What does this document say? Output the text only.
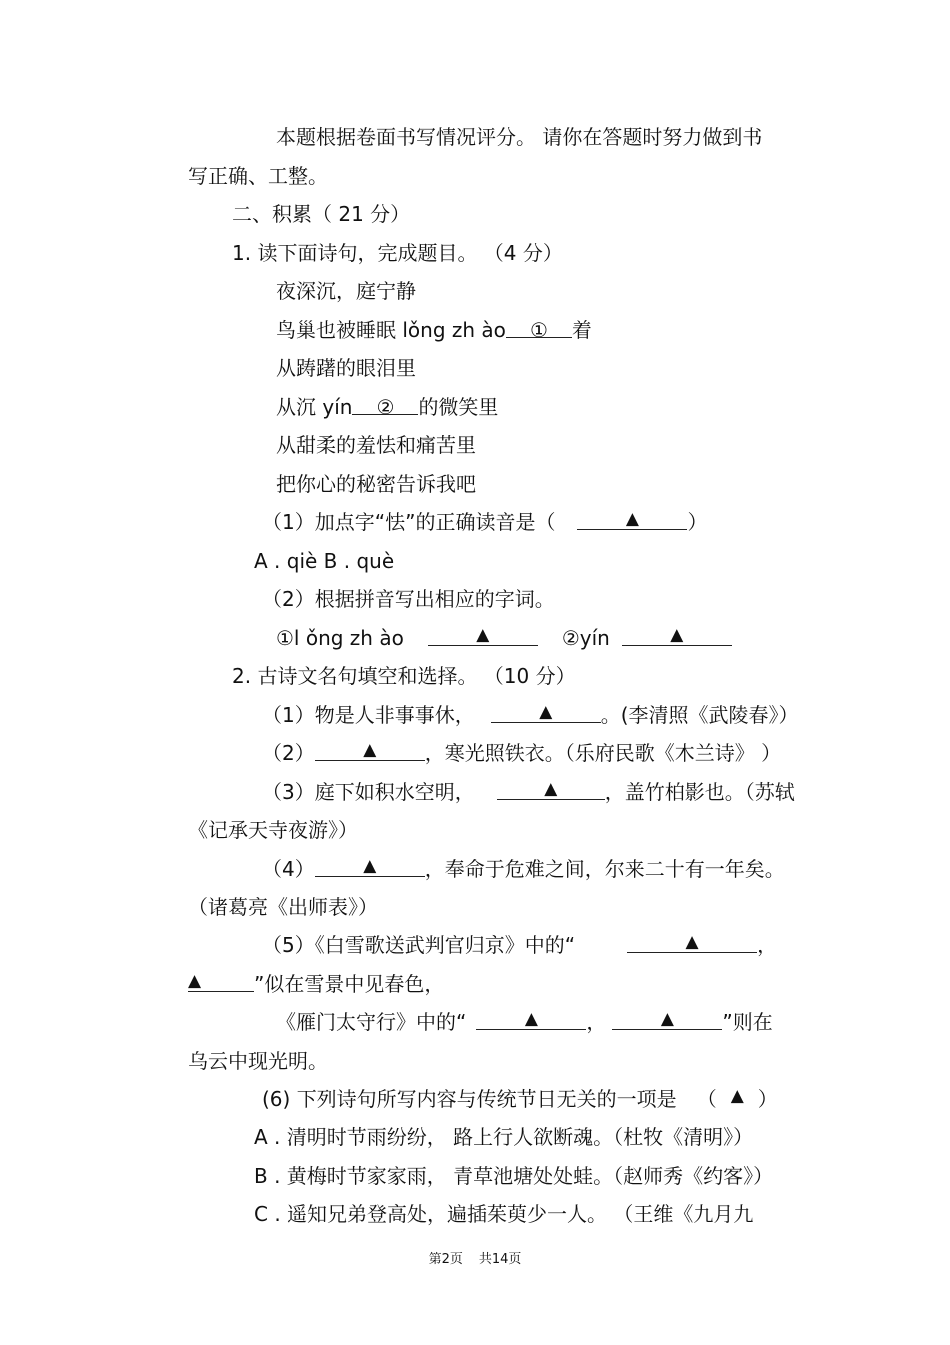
本题根据卷面书写情况评分。 请你在答题时努力做到书
写正确、工整。
二、积累（ 21 分）
1. 读下面诗句，完成题目。 （4 分）
夜深沉，庭宁静
鸟巢也被睡眠 lǒng zh ào ① 着
从踌躇的眼泪里
从沉 yín ② 的微笑里
从甜柔的羞怯和痛苦里
把你心的秘密告诉我吧
（1）加点字“怯”的正确读音是（	▲ ）
A . qiè B . què
（2）根据拼音写出相应的字词。
①l ǒng zh ào	▲	②yín	▲
2. 古诗文名句填空和选择。 （10 分）
（1）物是人非事事休，	▲ 。(李清照《武陵春》）
（2）	▲ ，寒光照铁衣。（乐府民歌《木兰诗》 ）
（3）庭下如积水空明，	▲ ，盖竹柏影也。（苏轼
《记承天寺夜游》）
（4）	▲ ，奉命于危难之间，尔来二十有一年矣。
（诸葛亮《出师表》）
（5）《白雪歌送武判官归京》中的“	▲	，
▲	”似在雪景中见春色，
《雁门太守行》中的“	▲ ，	▲ ”则在
乌云中现光明。
(6) 下列诗句所写内容与传统节日无关的一项是 （ ▲ ）
A . 清明时节雨纷纷， 路上行人欲断魂。（杜牧《清明》）
B . 黄梅时节家家雨， 青草池塘处处蛙。（赵师秀《约客》）
C . 遥知兄弟登高处，遍插茱萸少一人。 （王维《九月九
第2页 共14页
